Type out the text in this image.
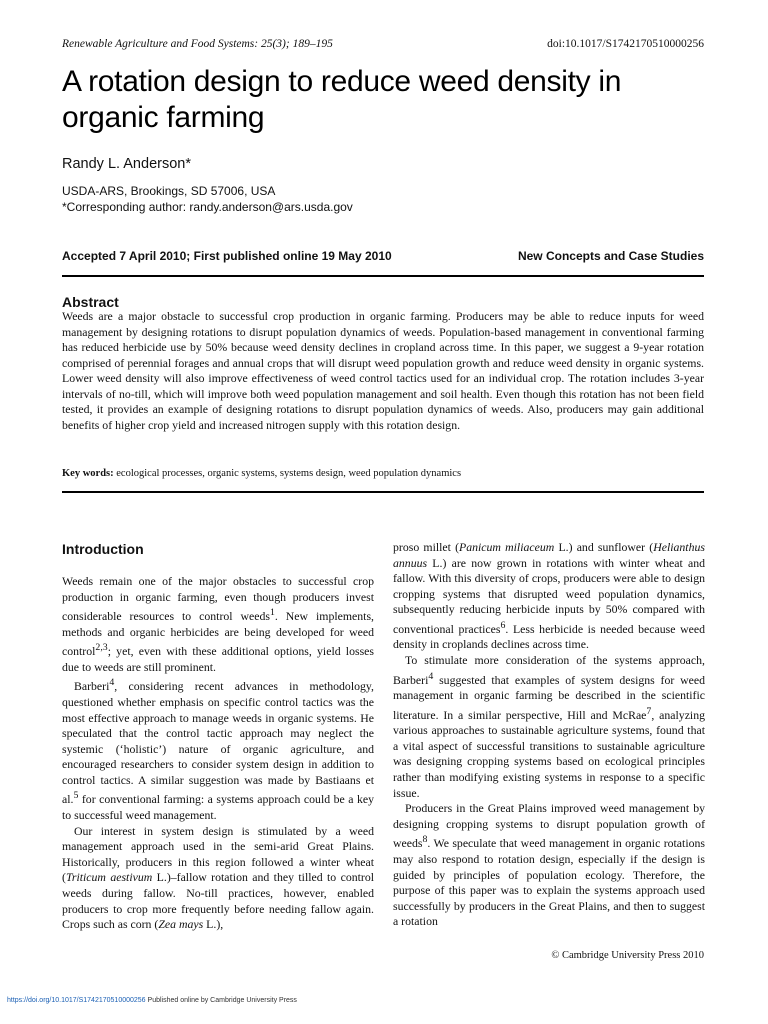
Renewable Agriculture and Food Systems: 25(3); 189–195	doi:10.1017/S1742170510000256
A rotation design to reduce weed density in organic farming
Randy L. Anderson*
USDA-ARS, Brookings, SD 57006, USA
*Corresponding author: randy.anderson@ars.usda.gov
Accepted 7 April 2010; First published online 19 May 2010	New Concepts and Case Studies
Abstract
Weeds are a major obstacle to successful crop production in organic farming. Producers may be able to reduce inputs for weed management by designing rotations to disrupt population dynamics of weeds. Population-based management in conventional farming has reduced herbicide use by 50% because weed density declines in cropland across time. In this paper, we suggest a 9-year rotation comprised of perennial forages and annual crops that will disrupt weed population growth and reduce weed density in organic systems. Lower weed density will also improve effectiveness of weed control tactics used for an individual crop. The rotation includes 3-year intervals of no-till, which will improve both weed population management and soil health. Even though this rotation has not been field tested, it provides an example of designing rotations to disrupt population dynamics of weeds. Also, producers may gain additional benefits of higher crop yield and increased nitrogen supply with this rotation design.
Key words: ecological processes, organic systems, systems design, weed population dynamics
Introduction

Weeds remain one of the major obstacles to successful crop production in organic farming, even though producers invest considerable resources to control weeds$^1$. New implements, methods and organic herbicides are being developed for weed control$^{2,3}$; yet, even with these additional options, yield losses due to weeds are still prominent.

Barberi$^4$, considering recent advances in methodology, questioned whether emphasis on specific control tactics was the most effective approach to manage weeds in organic systems. He speculated that the control tactic approach may neglect the systemic (‘holistic’) nature of organic agriculture, and encouraged researchers to consider system design in addition to control tactics. A similar suggestion was made by Bastiaans et al.$^5$ for conventional farming: a systems approach could be a key to successful weed management.

Our interest in system design is stimulated by a weed management approach used in the semi-arid Great Plains. Historically, producers in this region followed a winter wheat (Triticum aestivum L.)–fallow rotation and they tilled to control weeds during fallow. No-till practices, however, enabled producers to crop more frequently before needing fallow again. Crops such as corn (Zea mays L.),

proso millet (Panicum miliaceum L.) and sunflower (Helianthus annuus L.) are now grown in rotations with winter wheat and fallow. With this diversity of crops, producers were able to design cropping systems that disrupted weed population dynamics, subsequently reducing herbicide inputs by 50% compared with conventional practices$^6$. Less herbicide is needed because weed density in croplands declines across time.

To stimulate more consideration of the systems approach, Barberi$^4$ suggested that examples of system designs for weed management in organic farming be described in the scientific literature. In a similar perspective, Hill and McRae$^7$, analyzing various approaches to sustainable agriculture systems, found that a vital aspect of successful transitions to sustainable agriculture was designing cropping systems based on ecological principles rather than modifying existing systems in response to a specific issue.

Producers in the Great Plains improved weed management by designing cropping systems to disrupt population growth of weeds$^8$. We speculate that weed management in organic rotations may also respond to rotation design, especially if the design is guided by principles of population ecology. Therefore, the purpose of this paper was to explain the systems approach used successfully by producers in the Great Plains, and then to suggest a rotation

© Cambridge University Press 2010
https://doi.org/10.1017/S1742170510000256 Published online by Cambridge University Press
